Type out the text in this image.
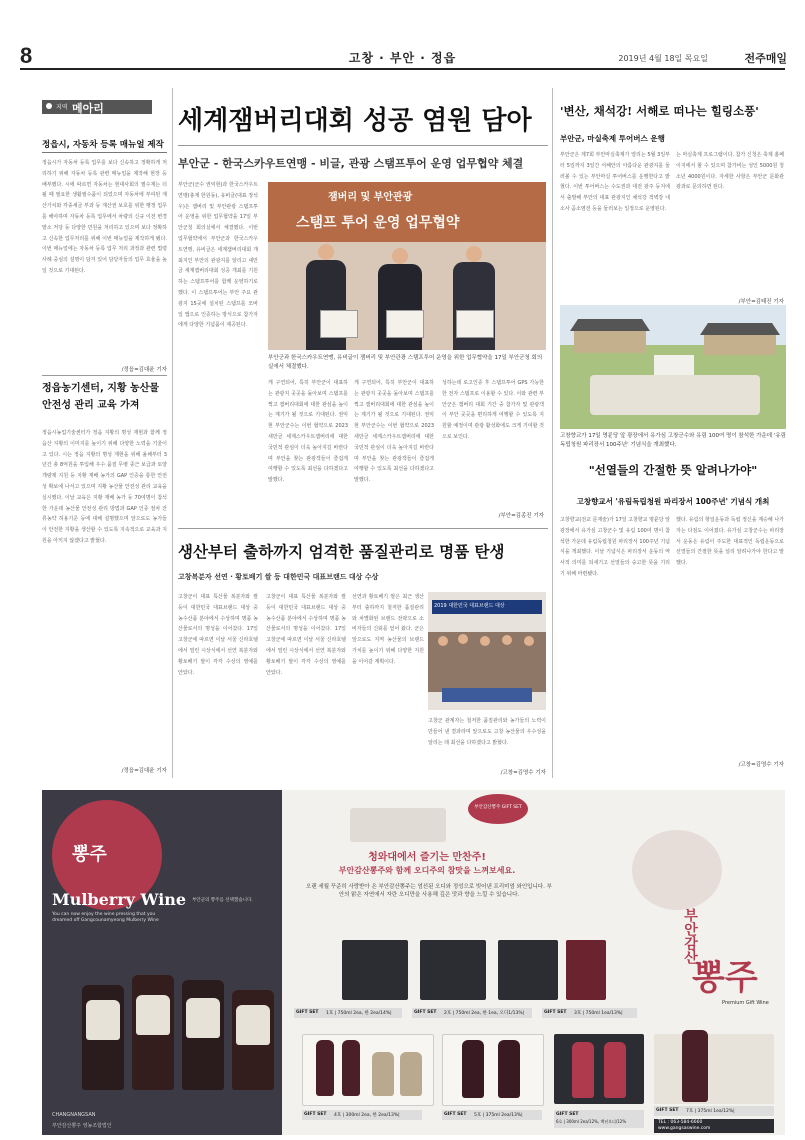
8	고창 · 부안 · 정읍	2019년 4월 18일 목요일	전주매일
지역 메아리
정읍시, 자동차 등록 매뉴얼 제작
정읍시가 자동차 등록 업무를 보다 신속하고 정확하게 처리하기 위해 자동차 등록 관련 매뉴얼을 제작해 현장 등 배부했다. 시에 따르면 자동차는 현대사회의 필수재는 더 될 때 필요한 생활필수품이 되었으며 자동차에 부여된 재산가치와 각종세금 부과 등 재산권 보호를 위한 행정 업무를 해야하며 자동차 등록 업무에서 차량의 신규 이전 변경 말소 저당 등 다양한 민원을 처리하고 있으며 보다 정확하고 신속한 업무처리를 위해 이번 매뉴얼을 제작하게 됐다. 이번 매뉴얼에는 자동차 등록 업무 처리 과정과 관련 법령 사례 중심의 설명이 담겨 있어 담당자들의 업무 효율을 높일 것으로 기대된다.
/정읍=김대윤 기자
정읍농기센터, 지황 농산물 안전성 관리 교육 가져
정읍시농업기술센터가 정읍 지황의 명성 재현과 함께 정읍산 지황의 이미지를 높이기 위해 다양한 노력을 기울이고 있다. 시는 정읍 지황의 명성 재현을 위해 올해부터 3년간 총 8억원을 투입해 우수 품질 무병 종근 보급과 토양 개량제 지원 등 지황 재배 농가의 GAP 인증을 통한 안전성 확보에 나서고 있으며 지황 농산물 안전성 관리 교육을 실시했다. 이날 교육은 지황 재배 농가 등 70여명이 참석한 가운데 농산물 안전성 관리 방법과 GAP 인증 절차 잔류농약 허용기준 등에 대해 설명했으며 앞으로도 농가들이 안전한 지황을 생산할 수 있도록 지속적으로 교육과 지원을 아끼지 않겠다고 밝혔다.
/정읍=김대윤 기자
세계잼버리대회 성공 염원 담아
부안군 - 한국스카우트연맹 - 비글, 관광 스탬프투어 운영 업무협약 체결
부안군(군수 권익현)과 한국스카우트연맹(총재 한원동), 유비글(대표 장석우)은 잼버리 및 부안관광 스탬프투어 운영을 위한 업무협약을 17일 부안군청 회의실에서 체결했다. 이번 업무협약에서 부안군과 한국스카우트연맹, 유비글은 세계잼버리대회 개최지인 부안의 관광지를 알리고 새만금 세계잼버리대회 성공 개최를 기원하는 스탬프투어를 함께 운영하기로 했다. 이 스탬프투어는 부안 주요 관광지 15곳에 설치된 스탬프를 모바일 앱으로 인증하는 방식으로 참가자에게 다양한 기념품이 제공된다.
잼버리 및 부안관광
스탬프 투어 운영 업무협약
부안군과 한국스카우트연맹, 유비글이 잼버리 및 부안관광 스탬프투어 운영을 위한 업무협약을 17일 부안군청 회의실에서 체결했다.
게 구연되어, 특히 부안군이 대표하는 관광지 곳곳을 돌아보며 스탬프를 찍고 잼버리대회에 대한 관심을 높이는 계기가 될 것으로 기대된다. 권익현 부안군수는 이번 협약으로 2023 새만금 세계스카우트잼버리에 대한 국민적 관심이 더욱 높아지길 바란다며 부안을 찾는 관광객들이 즐겁게 여행할 수 있도록 최선을 다하겠다고 말했다.
게 구연되어, 특히 부안군이 대표하는 관광지 곳곳을 돌아보며 스탬프를 찍고 잼버리대회에 대한 관심을 높이는 계기가 될 것으로 기대된다. 권익현 부안군수는 이번 협약으로 2023 새만금 세계스카우트잼버리에 대한 국민적 관심이 더욱 높아지길 바란다며 부안을 찾는 관광객들이 즐겁게 여행할 수 있도록 최선을 다하겠다고 말했다.
성하는데 로고인증 후 스탬프투어 GPS 가능한 한 전자 스탬프로 이용할 수 있다. 이와 관련 부안군은 잼버리 대회 기간 중 참가자 및 관광객이 부안 곳곳을 편리하게 여행할 수 있도록 지원할 예정이며 관광 활성화에도 크게 기여할 것으로 보인다.
/부안=김종진 기자
생산부터 출하까지 엄격한 품질관리로 명품 탄생
고창복분자 선연 · 황토배기 쌀 등 대한민국 대표브랜드 대상 수상
고창군이 대표 특산물 복분자와 쌀 등이 대한민국 대표브랜드 대상 중 농수산품 분야에서 수상하며 명품 농산물로서의 명성을 이어갔다. 17일 고창군에 따르면 이날 서울 신라호텔에서 열린 시상식에서 선연 복분자와 황토배기 쌀이 각각 수상의 영예를 안았다.
고창군이 대표 특산물 복분자와 쌀 등이 대한민국 대표브랜드 대상 중 농수산품 분야에서 수상하며 명품 농산물로서의 명성을 이어갔다. 17일 고창군에 따르면 이날 서울 신라호텔에서 열린 시상식에서 선연 복분자와 황토배기 쌀이 각각 수상의 영예를 안았다.
선연과 황토배기 쌀은 최근 생산부터 출하까지 철저한 품질관리와 차별화된 브랜드 전략으로 소비자들의 신뢰를 얻어 왔다. 군은 앞으로도 지역 농산물의 브랜드 가치를 높이기 위해 다양한 지원을 이어갈 계획이다.
2019 대한민국 대표브랜드 대상
고창군 관계자는 철저한 품질관리와 농가들의 노력이 만들어 낸 결과라며 앞으로도 고창 농산물의 우수성을 알리는 데 최선을 다하겠다고 밝혔다.
/고창=김영수 기자
'변산, 채석강! 서해로 떠나는 힐링소풍'
부안군, 마실축제 투어버스 운행
부안군은 제7회 부안마실축제가 열리는 5월 3일부터 5일까지 3일간 서해안의 아름다운 관광지를 둘러볼 수 있는 부안마실 투어버스를 운행한다고 밝혔다. 이번 투어버스는 수도권과 대전 광주 등지에서 출발해 부안의 대표 관광지인 채석강 적벽강 내소사 곰소염전 등을 둘러보는 일정으로 운영된다.
는 마실축제 프로그램이다. 참가 신청은 축제 홈페이지에서 할 수 있으며 참가비는 성인 5000원 청소년 4000원이다. 자세한 사항은 부안군 문화관광과로 문의하면 된다.
/부안=김태진 기자
고창향교가 17일 명륜당 앞 광장에서 유가심 고창군수와 유림 100여 명이 참석한 가운데 '유림독립청원 파리장서 100주년' 기념식을 개최했다.
"선열들의 간절한 뜻 알려나가야"
고창향교서 '유림독립청원 파리장서 100주년' 기념식 개최
고창향교(전교 문재술)가 17일 고창향교 명륜당 앞 광장에서 유가심 고창군수 및 유림 100여 명이 참석한 가운데 유림독립청원 파리장서 100주년 기념식을 개최했다. 이날 기념식은 파리장서 운동의 역사적 의미를 되새기고 선열들의 숭고한 뜻을 기리기 위해 마련됐다.
했다. 유림의 항일운동과 독립 정신을 계승해 나가자는 다짐도 이어졌다. 유가심 고창군수는 파리장서 운동은 유림이 주도한 대표적인 독립운동으로 선열들의 간절한 뜻을 널리 알려나가야 한다고 말했다.
/고창=김영수 기자
뽕주
Mulberry Wine
You can now enjoy the wine pressing that you dreamed off Gangcounamyeong Mulberry Wine
부안군의 뽕주를 선택했습니다.
CHANGNANGSAN
부안감산뽕주 GIFT SET
청와대에서 즐기는 만찬주!
부안감산뽕주와 함께 오디주의 참맛을 느껴보세요.
오랜 세월 꾸준히 사랑받아 온 부안감산뽕주는 엄선된 오디와 정성으로 빚어낸 프리미엄 와인입니다. 부안의 맑은 자연에서 자란 오디만을 사용해 깊은 맛과 향을 느낄 수 있습니다.
부안감산
뽕주
Premium Gift Wine
GIFT SET 1호 | 750ml 2ea, 한 2ea/14%|	GIFT SET 2호 | 750ml 2ea, 한 1ea, 오디1/13%|	GIFT SET 3호 | 750ml 1ea/13%|
GIFT SET 4호 | 300ml 2ea, 한 2ea/13%|	GIFT SET 5호 | 375ml 2ea/13%|	GIFT SET
6호 | 300ml 2ea/12%, 백년오디/12%
GIFT SET 7호 | 375ml 1ea/12%|
TEL : 063-584-6660
www.gangsaswine.com
부안감산뽕주 영농조합법인
